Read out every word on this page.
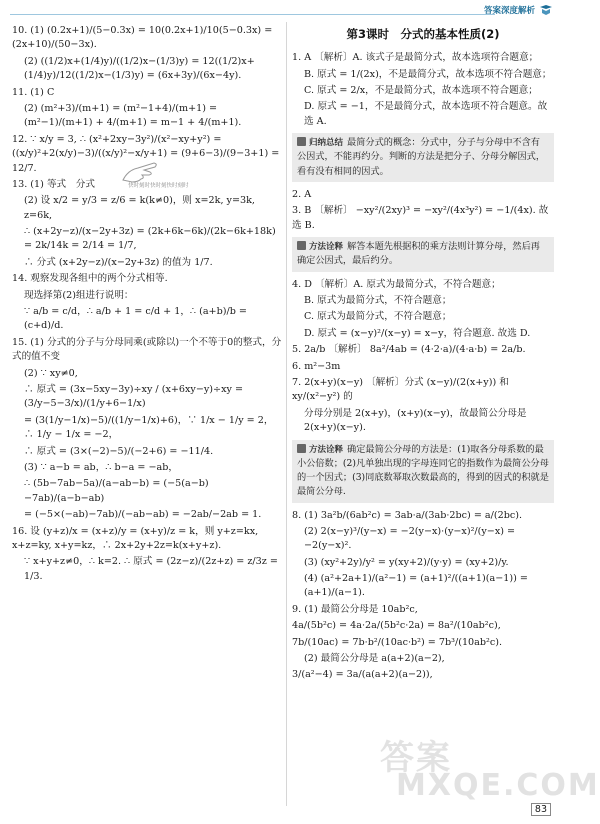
答案深度解析
10. (1) (0.2x+1)/(5−0.3x) = 10(0.2x+1)/10(5−0.3x) = (2x+10)/(50−3x).
(2) ((1/2)x+(1/4)y)/((1/2)x−(1/3)y) = 12((1/2)x+(1/4)y)/12((1/2)x−(1/3)y) = (6x+3y)/(6x−4y).
11. (1) C
(2) (m²+3)/(m+1) = (m²−1+4)/(m+1) = (m²−1)/(m+1) + 4/(m+1) = m−1 + 4/(m+1).
12. ∵ x/y = 3, ∴ (x²+2xy−3y²)/(x²−xy+y²) = ((x/y)²+2(x/y)−3)/((x/y)²−x/y+1) = (9+6−3)/(9−3+1) = 12/7.
13. (1) 等式　分式
(2) 设 x/2 = y/3 = z/6 = k(k≠0)，则 x=2k, y=3k, z=6k,
∴ (x+2y−z)/(x−2y+3z) = (2k+6k−6k)/(2k−6k+18k) = 2k/14k = 2/14 = 1/7,
∴ 分式 (x+2y−z)/(x−2y+3z) 的值为 1/7.
14. 观察发现各组中的两个分式相等.
现选择第(2)组进行说明：
∵ a/b = c/d，∴ a/b + 1 = c/d + 1，∴ (a+b)/b = (c+d)/d.
15. (1) 分式的分子与分母同乘(或除以)一个不等于0的整式，分式的值不变
(2) ∵ xy≠0,
∴ 原式 = (3x−5xy−3y)÷xy / (x+6xy−y)÷xy = (3/y−5−3/x)/(1/y+6−1/x)
= (3(1/y−1/x)−5)/((1/y−1/x)+6)，∵ 1/x − 1/y = 2，∴ 1/y − 1/x = −2，
∴ 原式 = (3×(−2)−5)/(−2+6) = −11/4.
(3) ∵ a−b = ab，∴ b−a = −ab，
∴ (5b−7ab−5a)/(a−ab−b) = (−5(a−b)−7ab)/(a−b−ab)
= (−5×(−ab)−7ab)/(−ab−ab) = −2ab/−2ab = 1.
16. 设 (y+z)/x = (x+z)/y = (x+y)/z = k，则 y+z=kx, x+z=ky, x+y=kz，∴ 2x+2y+2z=k(x+y+z).
∵ x+y+z≠0，∴ k=2. ∴ 原式 = (2z−z)/(2z+z) = z/3z = 1/3.
第3课时　分式的基本性质(2)
1. A 〔解析〕A. 该式子是最简分式，故本选项符合题意；
B. 原式 = 1/(2x)，不是最简分式，故本选项不符合题意；
C. 原式 = 2/x，不是最简分式，故本选项不符合题意；
D. 原式 = −1，不是最简分式，故本选项不符合题意。故选 A.
归纳总结 最简分式的概念：分式中，分子与分母中不含有公因式，不能再约分。判断的方法是把分子、分母分解因式，看有没有相同的因式。
2. A
3. B 〔解析〕 −xy²/(2xy)³ = −xy²/(4x³y²) = −1/(4x). 故选 B.
方法诠释 解答本题先根据积的乘方法则计算分母，然后再确定公因式，最后约分。
4. D 〔解析〕A. 原式为最简分式，不符合题意；
B. 原式为最简分式，不符合题意；
C. 原式为最简分式，不符合题意；
D. 原式 = (x−y)²/(x−y) = x−y，符合题意. 故选 D.
5. 2a/b 〔解析〕 8a²/4ab = (4·2·a)/(4·a·b) = 2a/b.
6. m²−3m
7. 2(x+y)(x−y) 〔解析〕分式 (x−y)/(2(x+y)) 和 xy/(x²−y²) 的
分母分别是 2(x+y)，(x+y)(x−y)，故最简公分母是 2(x+y)(x−y).
方法诠释 确定最简公分母的方法是：(1)取各分母系数的最小公倍数；(2)凡单独出现的字母连同它的指数作为最简公分母的一个因式；(3)同底数幂取次数最高的，得到的因式的积就是最简公分母.
8. (1) 3a²b/(6ab²c) = 3ab·a/(3ab·2bc) = a/(2bc).
(2) 2(x−y)³/(y−x) = −2(y−x)·(y−x)²/(y−x) = −2(y−x)².
(3) (xy²+2y)/y² = y(xy+2)/(y·y) = (xy+2)/y.
(4) (a²+2a+1)/(a²−1) = (a+1)²/((a+1)(a−1)) = (a+1)/(a−1).
9. (1) 最简公分母是 10ab²c,
4a/(5b²c) = 4a·2a/(5b²c·2a) = 8a²/(10ab²c),
7b/(10ac) = 7b·b²/(10ac·b²) = 7b³/(10ab²c).
(2) 最简公分母是 a(a+2)(a−2),
3/(a²−4) = 3a/(a(a+2)(a−2)),
快时刻时快时刻快时刻时
答案
MXQE.COM
83
